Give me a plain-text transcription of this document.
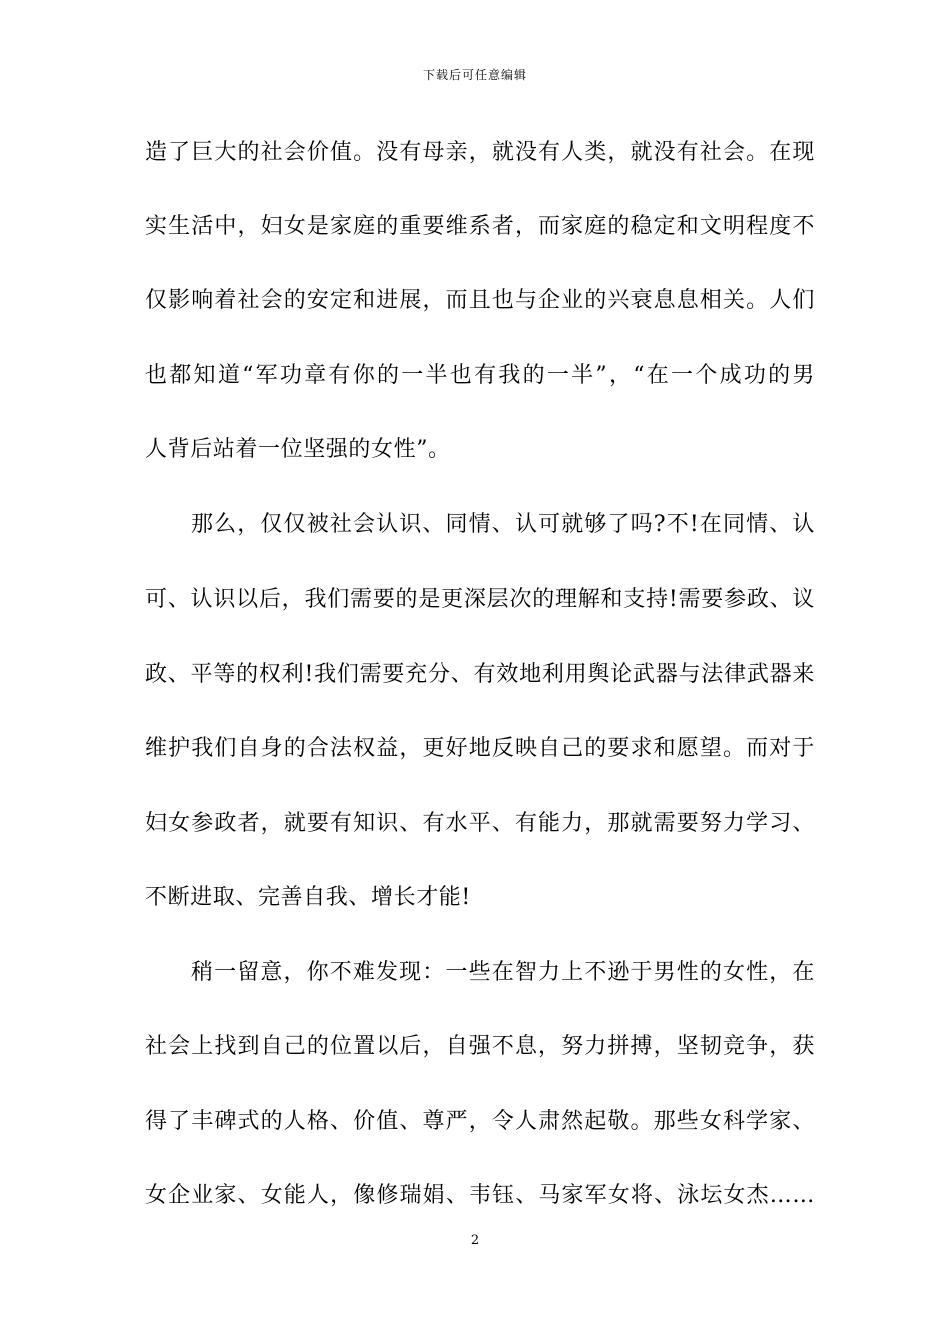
下载后可任意编辑
造了巨大的社会价值。没有母亲，就没有人类，就没有社会。在现
实生活中，妇女是家庭的重要维系者，而家庭的稳定和文明程度不
仅影响着社会的安定和进展，而且也与企业的兴衰息息相关。人们
也都知道“军功章有你的一半也有我的一半”，“在一个成功的男
人背后站着一位坚强的女性”。
那么，仅仅被社会认识、同情、认可就够了吗?不!在同情、认
可、认识以后，我们需要的是更深层次的理解和支持!需要参政、议
政、平等的权利!我们需要充分、有效地利用舆论武器与法律武器来
维护我们自身的合法权益，更好地反映自己的要求和愿望。而对于
妇女参政者，就要有知识、有水平、有能力，那就需要努力学习、
不断进取、完善自我、增长才能!
稍一留意，你不难发现：一些在智力上不逊于男性的女性，在
社会上找到自己的位置以后，自强不息，努力拼搏，坚韧竞争，获
得了丰碑式的人格、价值、尊严，令人肃然起敬。那些女科学家、
女企业家、女能人，像修瑞娟、韦钰、马家军女将、泳坛女杰……
2
